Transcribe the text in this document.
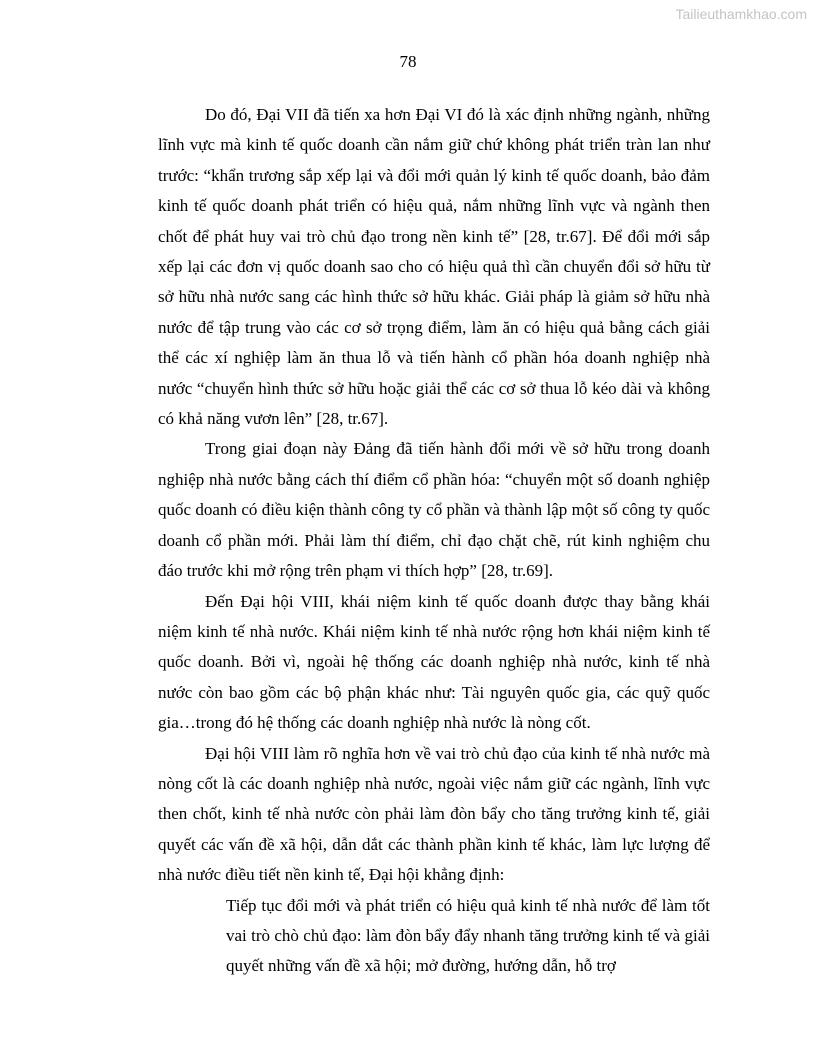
Tailieuthamkhao.com
78

Do đó, Đại VII đã tiến xa hơn Đại VI đó là xác định những ngành, những lĩnh vực mà kinh tế quốc doanh cần nắm giữ chứ không phát triển tràn lan như trước: “khẩn trương sắp xếp lại và đổi mới quản lý kinh tế quốc doanh, bảo đảm kinh tế quốc doanh phát triển có hiệu quả, nắm những lĩnh vực và ngành then chốt để phát huy vai trò chủ đạo trong nền kinh tế” [28, tr.67]. Để đổi mới sắp xếp lại các đơn vị quốc doanh sao cho có hiệu quả thì cần chuyển đổi sở hữu từ sở hữu nhà nước sang các hình thức sở hữu khác. Giải pháp là giảm sở hữu nhà nước để tập trung vào các cơ sở trọng điểm, làm ăn có hiệu quả bằng cách giải thể các xí nghiệp làm ăn thua lỗ và tiến hành cổ phần hóa doanh nghiệp nhà nước “chuyển hình thức sở hữu hoặc giải thể các cơ sở thua lỗ kéo dài và không có khả năng vươn lên” [28, tr.67].

Trong giai đoạn này Đảng đã tiến hành đổi mới về sở hữu trong doanh nghiệp nhà nước bằng cách thí điểm cổ phần hóa: “chuyển một số doanh nghiệp quốc doanh có điều kiện thành công ty cổ phần và thành lập một số công ty quốc doanh cổ phần mới. Phải làm thí điểm, chỉ đạo chặt chẽ, rút kinh nghiệm chu đáo trước khi mở rộng trên phạm vi thích hợp” [28, tr.69].

Đến Đại hội VIII, khái niệm kinh tế quốc doanh được thay bằng khái niệm kinh tế nhà nước. Khái niệm kinh tế nhà nước rộng hơn khái niệm kinh tế quốc doanh. Bởi vì, ngoài hệ thống các doanh nghiệp nhà nước, kinh tế nhà nước còn bao gồm các bộ phận khác như: Tài nguyên quốc gia, các quỹ quốc gia…trong đó hệ thống các doanh nghiệp nhà nước là nòng cốt.

Đại hội VIII làm rõ nghĩa hơn về vai trò chủ đạo của kinh tế nhà nước mà nòng cốt là các doanh nghiệp nhà nước, ngoài việc nắm giữ các ngành, lĩnh vực then chốt, kinh tế nhà nước còn phải làm đòn bẩy cho tăng trưởng kinh tế, giải quyết các vấn đề xã hội, dẫn dắt các thành phần kinh tế khác, làm lực lượng để nhà nước điều tiết nền kinh tế, Đại hội khẳng định:

Tiếp tục đổi mới và phát triển có hiệu quả kinh tế nhà nước để làm tốt vai trò chò chủ đạo: làm đòn bẩy đẩy nhanh tăng trưởng kinh tế và giải quyết những vấn đề xã hội; mở đường, hướng dẫn, hỗ trợ
